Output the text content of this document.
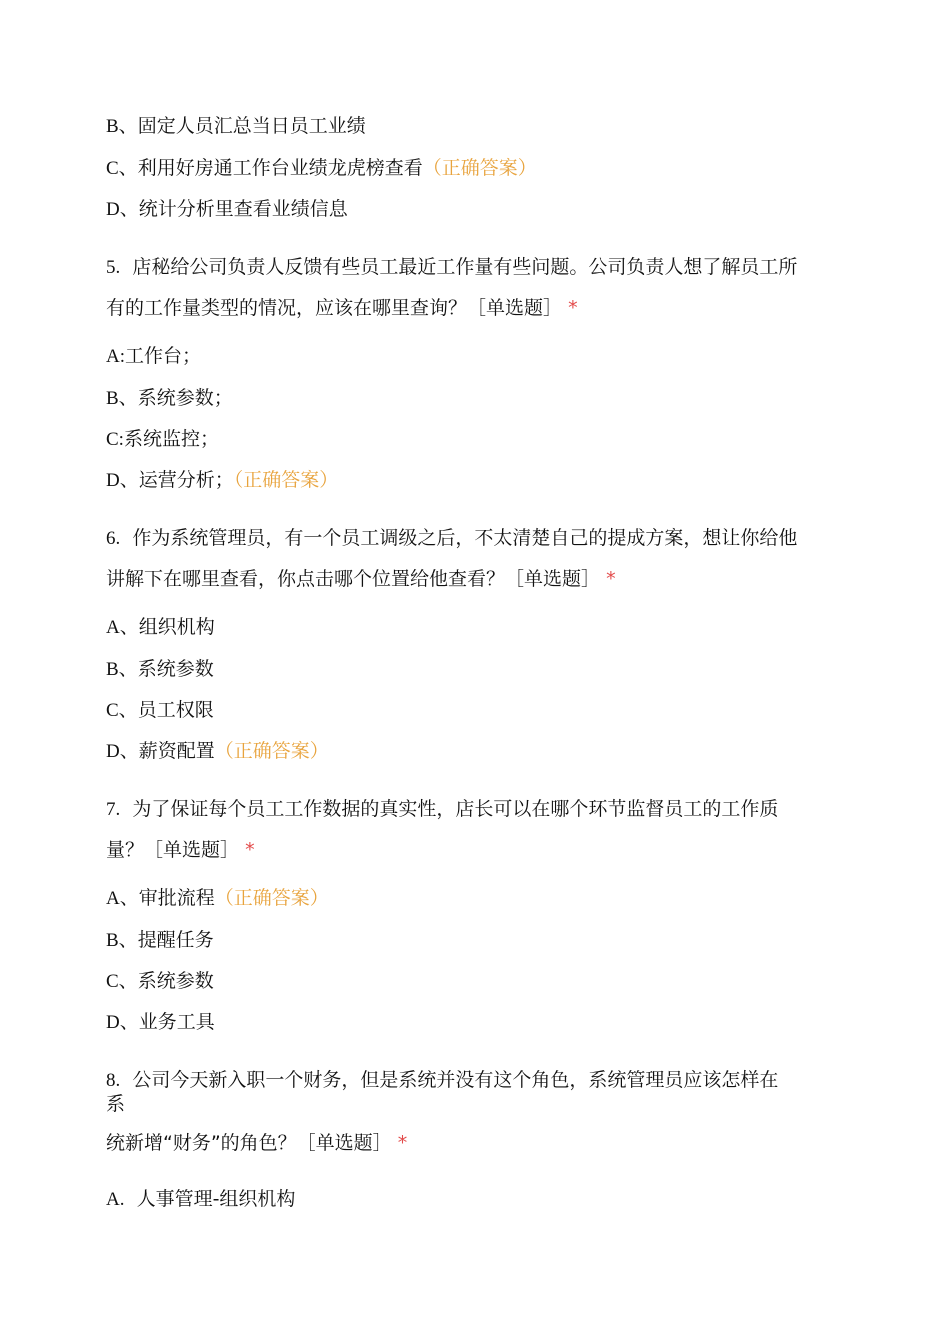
B、固定人员汇总当日员工业绩
C、利用好房通工作台业绩龙虎榜查看（正确答案）
D、统计分析里查看业绩信息
5. 店秘给公司负责人反馈有些员工最近工作量有些问题。公司负责人想了解员工所
有的工作量类型的情况，应该在哪里查询？［单选题］ *
A:工作台；
B、系统参数；
C:系统监控；
D、运营分析；（正确答案）
6. 作为系统管理员，有一个员工调级之后，不太清楚自己的提成方案，想让你给他
讲解下在哪里查看，你点击哪个位置给他查看？［单选题］ *
A、组织机构
B、系统参数
C、员工权限
D、薪资配置（正确答案）
7. 为了保证每个员工工作数据的真实性，店长可以在哪个环节监督员工的工作质
量？［单选题］ *
A、审批流程（正确答案）
B、提醒任务
C、系统参数
D、业务工具
8. 公司今天新入职一个财务，但是系统并没有这个角色，系统管理员应该怎样在
系
统新增“财务”的角色？［单选题］ *
A. 人事管理-组织机构
